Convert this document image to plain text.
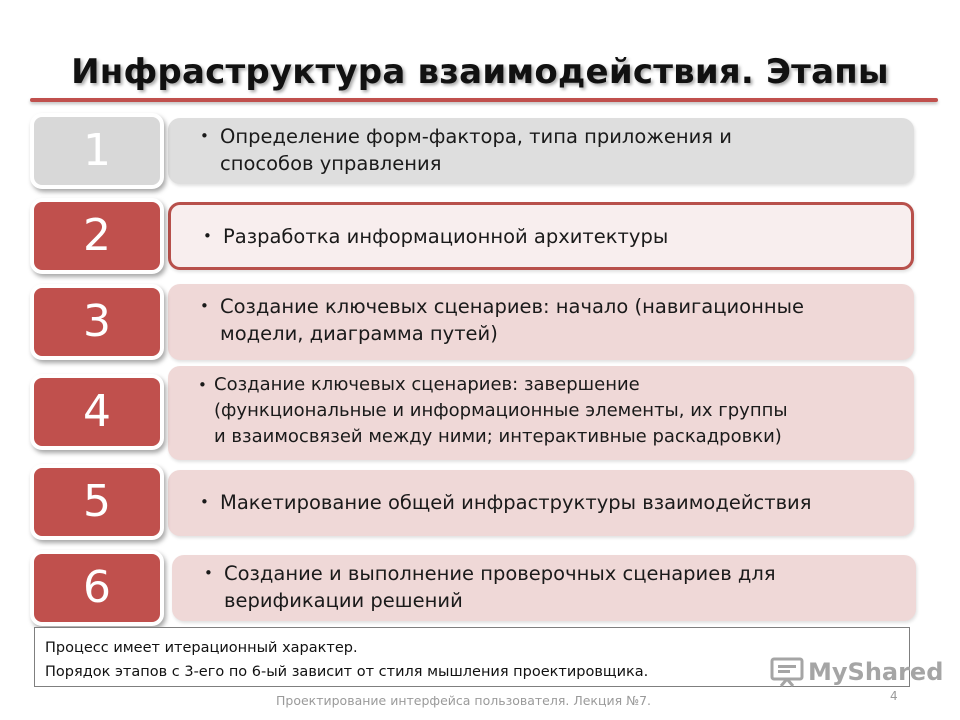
Инфраструктура взаимодействия. Этапы
• Определение форм-фактора, типа приложения и
способов управления
1
• Разработка информационной архитектуры
2
• Создание ключевых сценариев: начало (навигационные
модели, диаграмма путей)
3
• Создание ключевых сценариев: завершение
(функциональные и информационные элементы, их группы
и взаимосвязей между ними; интерактивные раскадровки)
4
• Макетирование общей инфраструктуры взаимодействия
5
• Создание и выполнение проверочных сценариев для
верификации решений
6
Процесс имеет итерационный характер.
Порядок этапов с 3-его по 6-ый зависит от стиля мышления проектировщика.	MyShared
Проектирование интерфейса пользователя. Лекция №7.	4
